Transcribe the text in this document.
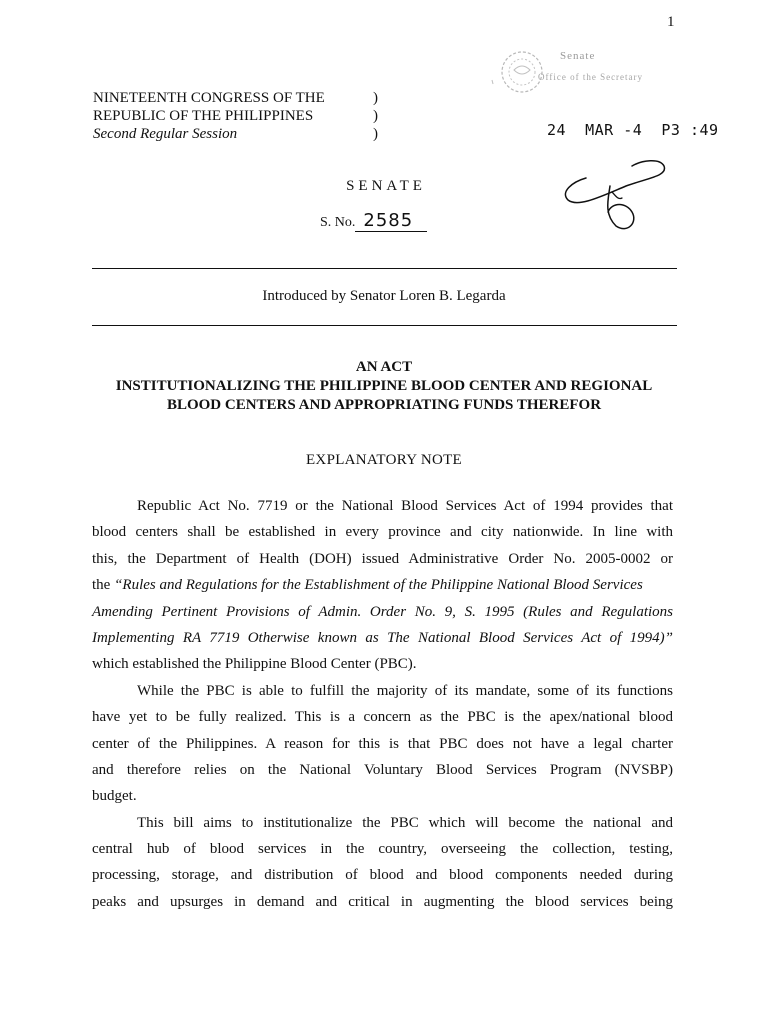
1
Senate
Office of the Secretary
24  MAR -4  P3 :49
NINETEENTH CONGRESS OF THE
REPUBLIC OF THE PHILIPPINES
Second Regular Session
)
)
)
SENATE
S. No. 2585
Introduced by Senator Loren B. Legarda
AN ACT
INSTITUTIONALIZING THE PHILIPPINE BLOOD CENTER AND REGIONAL
BLOOD CENTERS AND APPROPRIATING FUNDS THEREFOR
EXPLANATORY NOTE
Republic Act No. 7719 or the National Blood Services Act of 1994 provides that
blood centers shall be established in every province and city nationwide. In line with
this, the Department of Health (DOH) issued Administrative Order No. 2005-0002 or
the “Rules and Regulations for the Establishment of the Philippine National Blood Services
Amending Pertinent Provisions of Admin. Order No. 9, S. 1995 (Rules and Regulations
Implementing RA 7719 Otherwise known as The National Blood Services Act of 1994)”
which established the Philippine Blood Center (PBC).
While the PBC is able to fulfill the majority of its mandate, some of its functions
have yet to be fully realized. This is a concern as the PBC is the apex/national blood
center of the Philippines. A reason for this is that PBC does not have a legal charter
and therefore relies on the National Voluntary Blood Services Program (NVSBP)
budget.
This bill aims to institutionalize the PBC which will become the national and
central hub of blood services in the country, overseeing the collection, testing,
processing, storage, and distribution of blood and blood components needed during
peaks and upsurges in demand and critical in augmenting the blood services being
